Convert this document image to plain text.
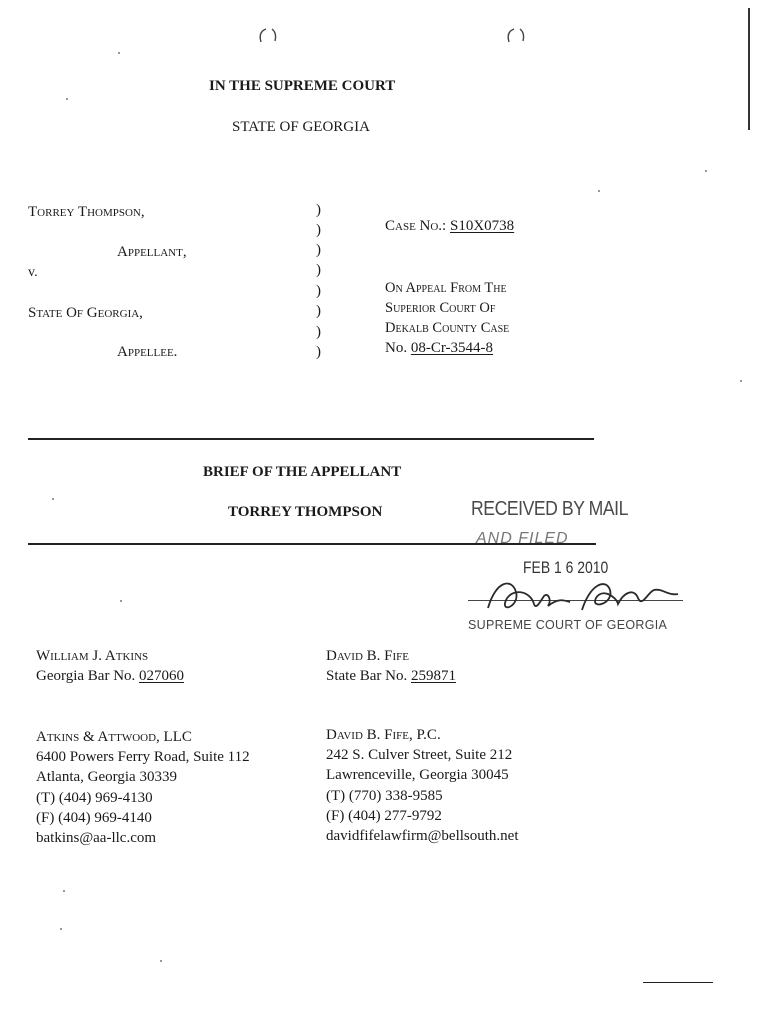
IN THE SUPREME COURT
STATE OF GEORGIA
Torrey Thompson,
Appellant,
v.
State Of Georgia,
Appellee.
)
)
)
)
)
)
)
)
Case No.: S10X0738
On Appeal From The
Superior Court Of
Dekalb County Case
No. 08-Cr-3544-8
BRIEF OF THE APPELLANT
TORREY THOMPSON	RECEIVED BY MAIL
AND FILED
FEB 1 6 2010
SUPREME COURT OF GEORGIA
William J. Atkins
Georgia Bar No. 027060
Atkins & Attwood, LLC
6400 Powers Ferry Road, Suite 112
Atlanta, Georgia 30339
(T) (404) 969-4130
(F) (404) 969-4140
batkins@aa-llc.com
David B. Fife
State Bar No. 259871
David B. Fife, P.C.
242 S. Culver Street, Suite 212
Lawrenceville, Georgia 30045
(T) (770) 338-9585
(F) (404) 277-9792
davidfifelawfirm@bellsouth.net
